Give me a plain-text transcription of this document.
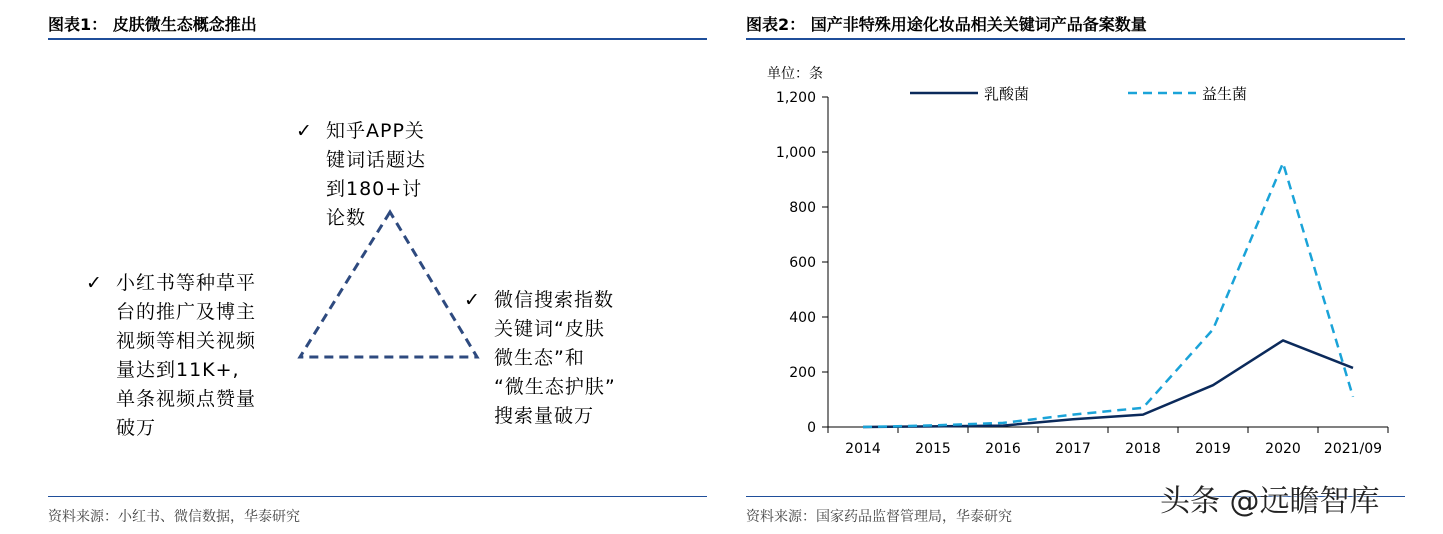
图表1： 皮肤微生态概念推出
✓ 知乎APP关
键词话题达
到180+讨
论数
✓ 小红书等种草平
台的推广及博主
视频等相关视频
量达到11K+,
单条视频点赞量
破万
✓ 微信搜索指数
关键词“皮肤
微生态”和
“微生态护肤”
搜索量破万
资料来源：小红书、微信数据，华泰研究
图表2： 国产非特殊用途化妆品相关关键词产品备案数量
单位：条
乳酸菌	益生菌
0
200
400
600
800
1,000
1,200
2014 2015 2016 2017 2018 2019 2020 2021/09
资料来源：国家药品监督管理局，华泰研究	头条 @远瞻智库
